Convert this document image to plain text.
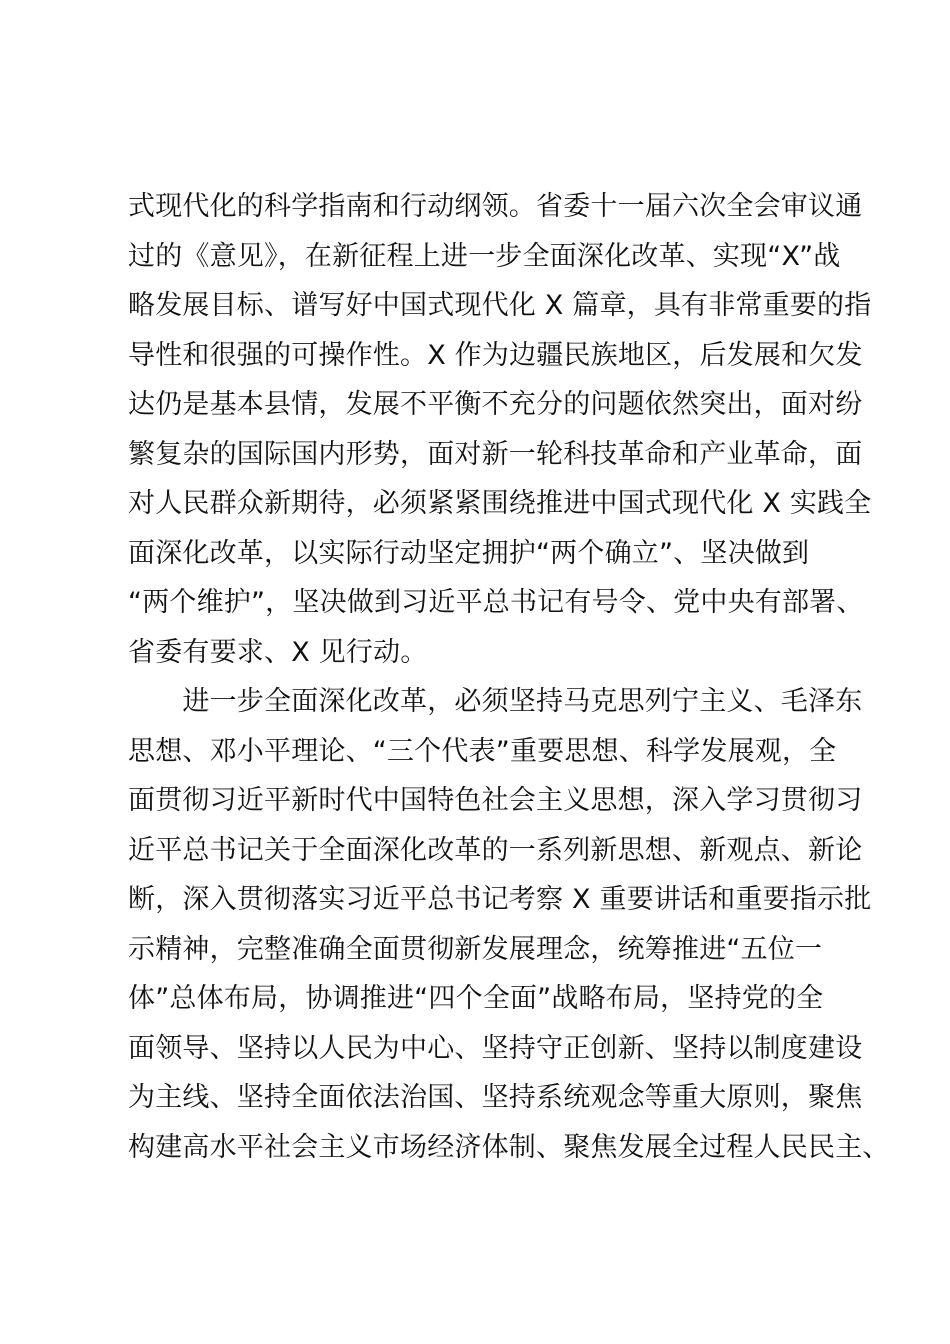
式现代化的科学指南和行动纲领。省委十一届六次全会审议通
过的《意见》，在新征程上进一步全面深化改革、实现“X”战
略发展目标、谱写好中国式现代化 X 篇章，具有非常重要的指
导性和很强的可操作性。X 作为边疆民族地区，后发展和欠发
达仍是基本县情，发展不平衡不充分的问题依然突出，面对纷
繁复杂的国际国内形势，面对新一轮科技革命和产业革命，面
对人民群众新期待，必须紧紧围绕推进中国式现代化 X 实践全
面深化改革，以实际行动坚定拥护“两个确立”、坚决做到
“两个维护”，坚决做到习近平总书记有号令、党中央有部署、
省委有要求、X 见行动。
　　进一步全面深化改革，必须坚持马克思列宁主义、毛泽东
思想、邓小平理论、“三个代表”重要思想、科学发展观，全
面贯彻习近平新时代中国特色社会主义思想，深入学习贯彻习
近平总书记关于全面深化改革的一系列新思想、新观点、新论
断，深入贯彻落实习近平总书记考察 X 重要讲话和重要指示批
示精神，完整准确全面贯彻新发展理念，统筹推进“五位一
体”总体布局，协调推进“四个全面”战略布局，坚持党的全
面领导、坚持以人民为中心、坚持守正创新、坚持以制度建设
为主线、坚持全面依法治国、坚持系统观念等重大原则，聚焦
构建高水平社会主义市场经济体制、聚焦发展全过程人民民主、
